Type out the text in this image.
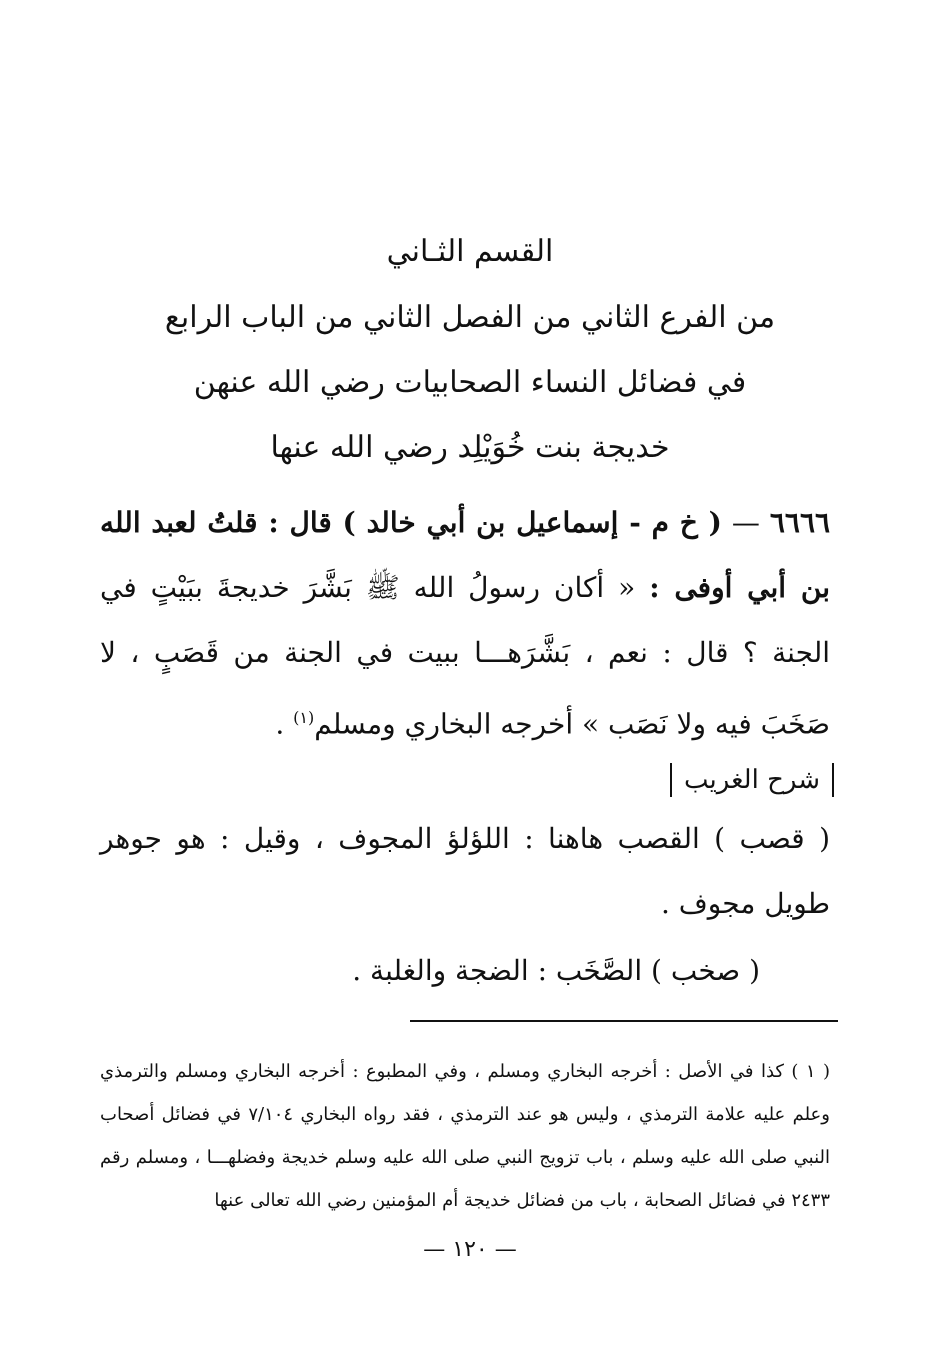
القسم الثـاني
من الفرع الثاني من الفصل الثاني من الباب الرابع
في فضائل النساء الصحابيات رضي الله عنهن
خديجة بنت خُوَيْلِد رضي الله عنها
٦٦٦٦ — ( خ م - إسماعيل بن أبي خالد ) قال : قلتُ لعبد الله بن أبي أوفى : « أكان رسولُ الله ﷺ بَشَّرَ خديجةَ ببَيْتٍ في الجنة ؟ قال : نعم ، بَشَّرَهـــا ببيت في الجنة من قَصَبٍ ، لا صَخَبَ فيه ولا نَصَب » أخرجه البخاري ومسلم$^{(١)}$ .
شرح الغريب
( قصب ) القصب هاهنا : اللؤلؤ المجوف ، وقيل : هو جوهر طويل مجوف .
( صخب ) الصَّخَب : الضجة والغلبة .
( ١ ) كذا في الأصل : أخرجه البخاري ومسلم ، وفي المطبوع : أخرجه البخاري ومسلم والترمذي وعلم عليه علامة الترمذي ، وليس هو عند الترمذي ، فقد رواه البخاري ٧/١٠٤ في فضائل أصحاب النبي صلى الله عليه وسلم ، باب تزويج النبي صلى الله عليه وسلم خديجة وفضلهـــا ، ومسلم رقم ٢٤٣٣ في فضائل الصحابة ، باب من فضائل خديجة أم المؤمنين رضي الله تعالى عنها
— ١٢٠ —
